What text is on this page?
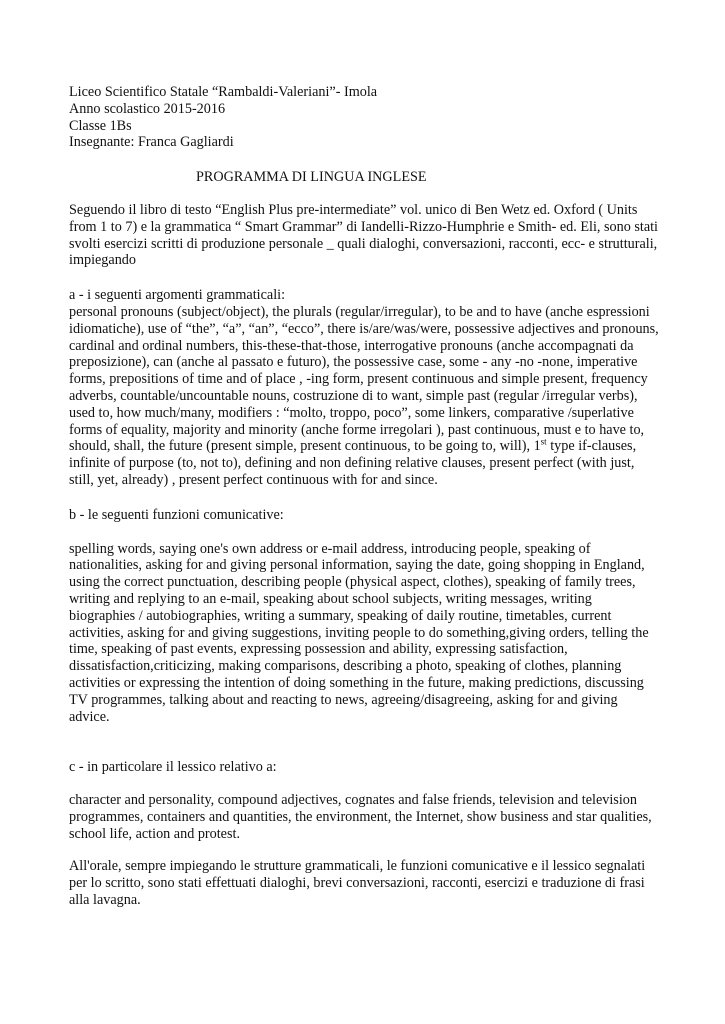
Liceo Scientifico Statale “Rambaldi-Valeriani”- Imola

Anno scolastico 2015-2016

Classe 1Bs

Insegnante: Franca Gagliardi

PROGRAMMA DI LINGUA INGLESE

Seguendo il libro di testo “English Plus pre-intermediate” vol. unico di Ben Wetz ed. Oxford ( Units from 1 to 7) e la grammatica “ Smart Grammar” di Iandelli-Rizzo-Humphrie e Smith- ed. Eli, sono stati svolti esercizi scritti di produzione personale _ quali dialoghi, conversazioni, racconti, ecc- e strutturali, impiegando

a - i seguenti argomenti grammaticali:

personal pronouns (subject/object), the plurals (regular/irregular), to be and to have (anche espressioni idiomatiche), use of “the”, “a”, “an”, “ecco”, there is/are/was/were, possessive adjectives and pronouns, cardinal and ordinal numbers, this-these-that-those, interrogative pronouns (anche accompagnati da preposizione), can (anche al passato e futuro), the possessive case, some - any -no -none, imperative forms, prepositions of time and of place , -ing form, present continuous and simple present, frequency adverbs, countable/uncountable nouns, costruzione di to want, simple past (regular /irregular verbs), used to, how much/many, modifiers : “molto, troppo, poco”, some linkers, comparative /superlative forms of equality, majority and minority (anche forme irregolari ), past continuous, must e to have to, should, shall, the future (present simple, present continuous, to be going to, will), 1st type if-clauses, infinite of purpose (to, not to), defining and non defining relative clauses, present perfect (with just, still, yet, already) , present perfect continuous with for and since.

b - le seguenti funzioni comunicative:

spelling words, saying one's own address or e-mail address, introducing people, speaking of nationalities, asking for and giving personal information, saying the date, going shopping in England, using the correct punctuation, describing people (physical aspect, clothes), speaking of family trees, writing and replying to an e-mail, speaking about school subjects, writing messages, writing biographies / autobiographies, writing a summary, speaking of daily routine, timetables, current activities, asking for and giving suggestions, inviting people to do something,giving orders, telling the time, speaking of past events, expressing possession and ability, expressing satisfaction, dissatisfaction,criticizing, making comparisons, describing a photo, speaking of clothes, planning activities or expressing the intention of doing something in the future, making predictions, discussing TV programmes, talking about and reacting to news, agreeing/disagreeing, asking for and giving advice.

c - in particolare il lessico relativo a:

character and personality, compound adjectives, cognates and false friends, television and television programmes, containers and quantities, the environment, the Internet, show business and star qualities, school life, action and protest.

All'orale, sempre impiegando le strutture grammaticali, le funzioni comunicative e il lessico segnalati per lo scritto, sono stati effettuati dialoghi, brevi conversazioni, racconti, esercizi e traduzione di frasi alla lavagna.
